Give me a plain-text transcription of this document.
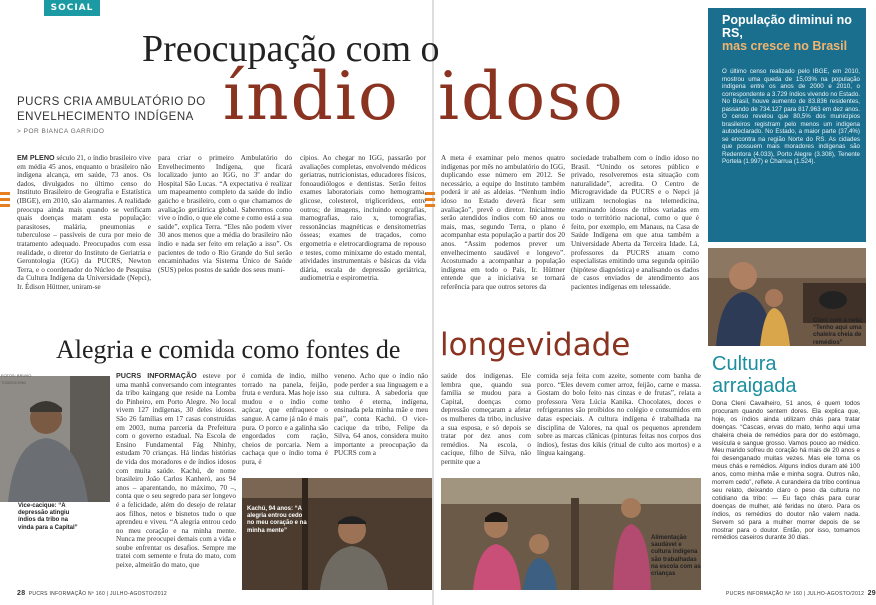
SOCIAL
Preocupação com o
índio idoso
PUCRS CRIA AMBULATÓRIO DO ENVELHECIMENTO INDÍGENA
> POR BIANCA GARRIDO
EM PLENO século 21, o índio brasileiro vive em média 45 anos, enquanto o brasileiro não indígena alcança, em saúde, 73 anos. Os dados, divulgados no último censo do Instituto Brasileiro de Geografia e Estatística (IBGE), em 2010, são alarmantes. A realidade preocupa ainda mais quando se verificam quais doenças matam esta população: parasitoses, malária, pneumonias e tuberculose – passíveis de cura por meio de tratamento adequado. Preocupados com essa realidade, o diretor do Instituto de Geriatria e Gerontologia (IGG) da PUCRS, Newton Terra, e o coordenador do Núcleo de Pesquisa da Cultura Indígena da Universidade (Nepci), Ir. Édison Hüttner, uniram-se
para criar o primeiro Ambulatório do Envelhecimento Indígena, que ficará localizado junto ao IGG, no 3º andar do Hospital São Lucas. “A expectativa é realizar um mapeamento completo da saúde do índio gaúcho e brasileiro, com o que chamamos de avaliação geriátrica global. Saberemos como vive o índio, o que ele come e como está a sua saúde”, explica Terra. “Eles não podem viver 30 anos menos que a média do brasileiro não índio e nada ser feito em relação a isso”. Os pacientes de todo o Rio Grande do Sul serão encaminhados via Sistema Único de Saúde (SUS) pelos postos de saúde dos seus muni-
cípios. Ao chegar no IGG, passarão por avaliações completas, envolvendo médicos geriatras, nutricionistas, educadores físicos, fonoaudiólogos e dentistas. Serão feitos exames laboratoriais como hemograma, glicose, colesterol, triglicerídeos, entre outros; de imagens, incluindo ecografias, mamografias, raio x, tomografias, ressonâncias magnéticas e densitometrias ósseas; exames de traçados, como ergometria e eletrocardiograma de repouso e testes, como minixame do estado mental, atividades instrumentais e básicas da vida diária, escala de depressão geriátrica, audiometria e espirometria.
A meta é examinar pelo menos quatro indígenas por mês no ambulatório do IGG, duplicando esse número em 2012. Se necessário, a equipe do Instituto também poderá ir até as aldeias. “Nenhum índio idoso no Estado deverá ficar sem avaliação”, prevê o diretor. Inicialmente serão atendidos índios com 60 anos ou mais, mas, segundo Terra, o plano é acompanhar esta população a partir dos 20 anos. “Assim podemos prever um envelhecimento saudável e longevo”. Acostumado a acompanhar a população indígena em todo o País, Ir. Hüttner entende que a iniciativa se tornará referência para que outros setores da
sociedade trabalhem com o índio idoso no Brasil. “Unindo os setores público e privado, resolveremos esta situação com naturalidade”, acredita. O Centro de Microgravidade da PUCRS e o Nepci já utilizam tecnologias na telemedicina, examinando idosos de tribos variadas em todo o território nacional, como o que é feito, por exemplo, em Manaus, na Casa de Saúde Indígena em que atua também a Universidade Aberta da Terceira Idade. Lá, professores da PUCRS atuam como especialistas emitindo uma segunda opinião (hipótese diagnóstica) e analisando os dados de casos enviados de atendimento aos pacientes indígenas em telessaúde.
População diminui no RS,
mas cresce no Brasil

O último censo realizado pelo IBGE, em 2010, mostrou uma queda de 15,03% na população indígena entre os anos de 2000 e 2010, o correspondente a 3.729 índios vivendo no Estado. No Brasil, houve aumento de 83.836 residentes, passando de 734.127 para 817.963 em dez anos. O censo revelou que 80,5% dos municípios brasileiros registram pelo menos um indígena autodeclarado. No Estado, a maior parte (37,4%) se encontra na região Norte do RS. As cidades que possuem mais moradores indígenas são Redentora (4.033), Porto Alegre (3.308), Tenente Portela (1.997) e Charrua (1.524).

Cleni com a neta: “Tenho aqui uma chaleira cheia de remédios”
Alegria e comida como fontes de longevidade
FOTOS: BRUNO TODESCHINI
Vice-cacique: “A depressão atingiu índios da tribo na vinda para a Capital”
PUCRS INFORMAÇÃO esteve por uma manhã conversando com integrantes da tribo kaingang que reside na Lomba do Pinheiro, em Porto Alegre. No local vivem 127 indígenas, 30 deles idosos. São 26 famílias em 17 casas construídas em 2003, numa parceria da Prefeitura com o governo estadual. Na Escola de Ensino Fundamental Fág Nhinhy, estudam 70 crianças. Há lindas histórias de vida dos moradores e de índios idosos com muita saúde. Kachú, de nome brasileiro João Carlos Kanheró, aos 94 anos – aparentando, no máximo, 70 –, conta que o seu segredo para ser longevo é a felicidade, além do desejo de relatar aos filhos, netos e bisnetos tudo o que aprendeu e viveu. “A alegria entrou cedo no meu coração e na minha mente. Nunca me preocupei demais com a vida e soube enfrentar os desafios. Sempre me tratei com semente e fruta do mato, com peixe, almeirão do mato, que
é comida de índio, milho torrado na panela, feijão, fruta e verdura. Mas hoje isso mudou e o índio come açúcar, que enfraquece o sangue. A carne já não é mais pura. O porco e a galinha são engordados com ração, cheios de porcaria. Nem a cachaça que o índio toma é pura, é
veneno. Acho que o índio não pode perder a sua linguagem e a sua cultura. A sabedoria que tenho é eterna, indígena, ensinada pela minha mãe e meu pai”, conta Kachú. O vice-cacique da tribo, Felipe da Silva, 64 anos, considera muito importante a preocupação da PUCRS com a
saúde dos indígenas. Ele lembra que, quando sua família se mudou para a Capital, doenças como depressão começaram a afetar os mulheres da tribo, inclusive a sua esposa, e só depois se tratar por dez anos com remédios. Na escola, o cacique, filho de Silva, não permite que a
comida seja feita com azeite, somente com banha de porco. “Eles devem comer arroz, feijão, carne e massa. Gostam do bolo feito nas cinzas e de frutas”, relata a professora Vera Lúcia Kanika. Chocolates, doces e refrigerantes são proibidos no colégio e consumidos em datas especiais. A cultura indígena é trabalhada na disciplina de Valores, na qual os pequenos aprendem sobre as marcas clânicas (pinturas feitas nos corpos dos índios), festas dos kikis (ritual de culto aos mortos) e a língua kaingang.
Kachú, 94 anos: “A alegria entrou cedo no meu coração e na minha mente”
Alimentação saudável e cultura indígena são trabalhadas na escola com as crianças
Cultura
arraigada
Dona Cleni Cavalheiro, 51 anos, é quem todos procuram quando sentem dores. Ela explica que, hoje, os índios ainda utilizam chás para tratar doenças. “Cascas, ervas do mato, tenho aqui uma chaleira cheia de remédios para dor do estômago, vesícula e sangue grosso. Vamos pouco ao médico. Meu marido sofreu do coração há mais de 20 anos e foi desenganado muitas vezes. Mas ele toma os meus chás e remédios. Alguns índios duram até 100 anos, como minha mãe e minha sogra. Outros não, morrem cedo”, reflete. A curandeira da tribo continua seu relato, deixando claro o peso da cultura no cotidiano da tribo: — Eu faço chás para curar doenças de mulher, até feridas no útero. Para os índios, os remédios do doutor não valem nada. Servem só para a mulher morrer depois de se mostrar para o doutor. Então, por isso, tomamos remédios caseiros durante 30 dias.
28 PUCRS INFORMAÇÃO Nº 160 | JULHO-AGOSTO/2012	PUCRS INFORMAÇÃO Nº 160 | JULHO-AGOSTO/2012 29
